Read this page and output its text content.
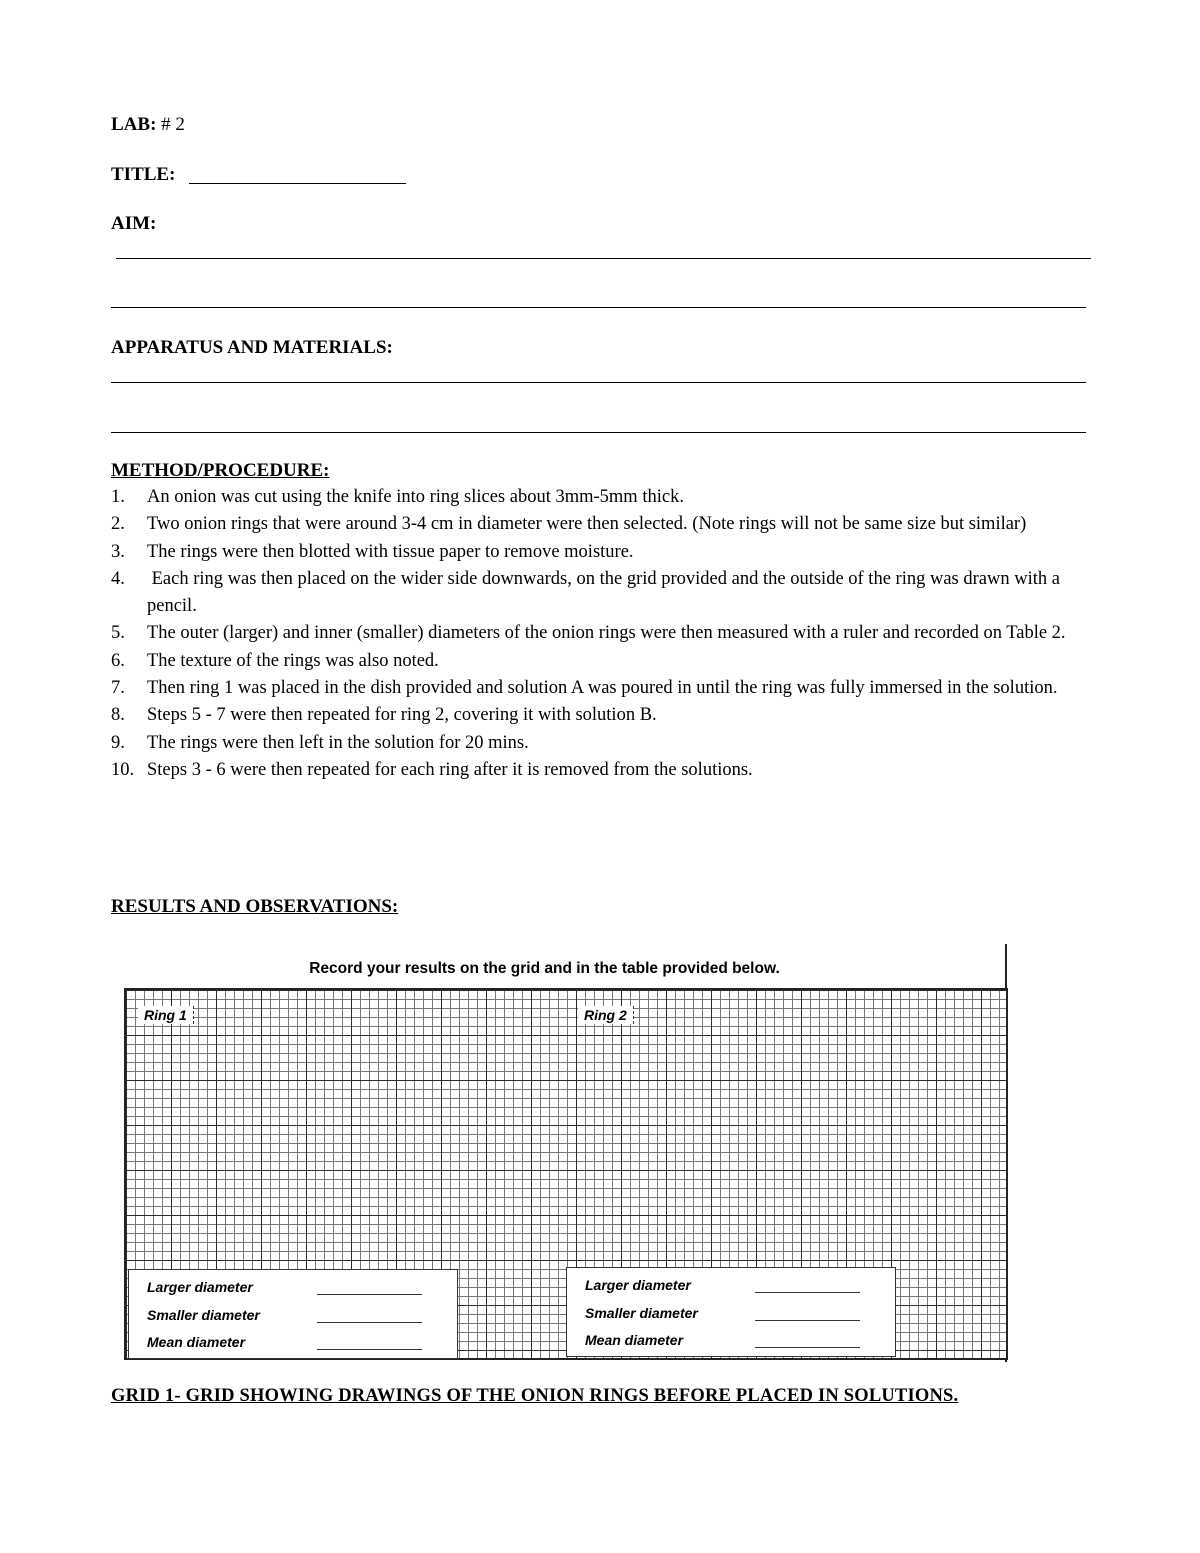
LAB: # 2
TITLE:
AIM:
APPARATUS AND MATERIALS:
METHOD/PROCEDURE:
1.	An onion was cut using the knife into ring slices about 3mm-5mm thick.
2.	Two onion rings that were around 3-4 cm in diameter were then selected. (Note rings will not be same size but similar)
3.	The rings were then blotted with tissue paper to remove moisture.
4.	Each ring was then placed on the wider side downwards, on the grid provided and the outside of the ring was drawn with a pencil.
5.	The outer (larger) and inner (smaller) diameters of the onion rings were then measured with a ruler and recorded on Table 2.
6.	The texture of the rings was also noted.
7.	Then ring 1 was placed in the dish provided and solution A was poured in until the ring was fully immersed in the solution.
8.	Steps 5 - 7 were then repeated for ring 2, covering it with solution B.
9.	The rings were then left in the solution for 20 mins.
10. Steps 3 - 6 were then repeated for each ring after it is removed from the solutions.
RESULTS AND OBSERVATIONS:
Record your results on the grid and in the table provided below.
Ring 1	Ring 2
Larger diameter
Smaller diameter
Mean diameter
Larger diameter
Smaller diameter
Mean diameter
GRID 1- GRID SHOWING DRAWINGS OF THE ONION RINGS BEFORE PLACED IN SOLUTIONS.
